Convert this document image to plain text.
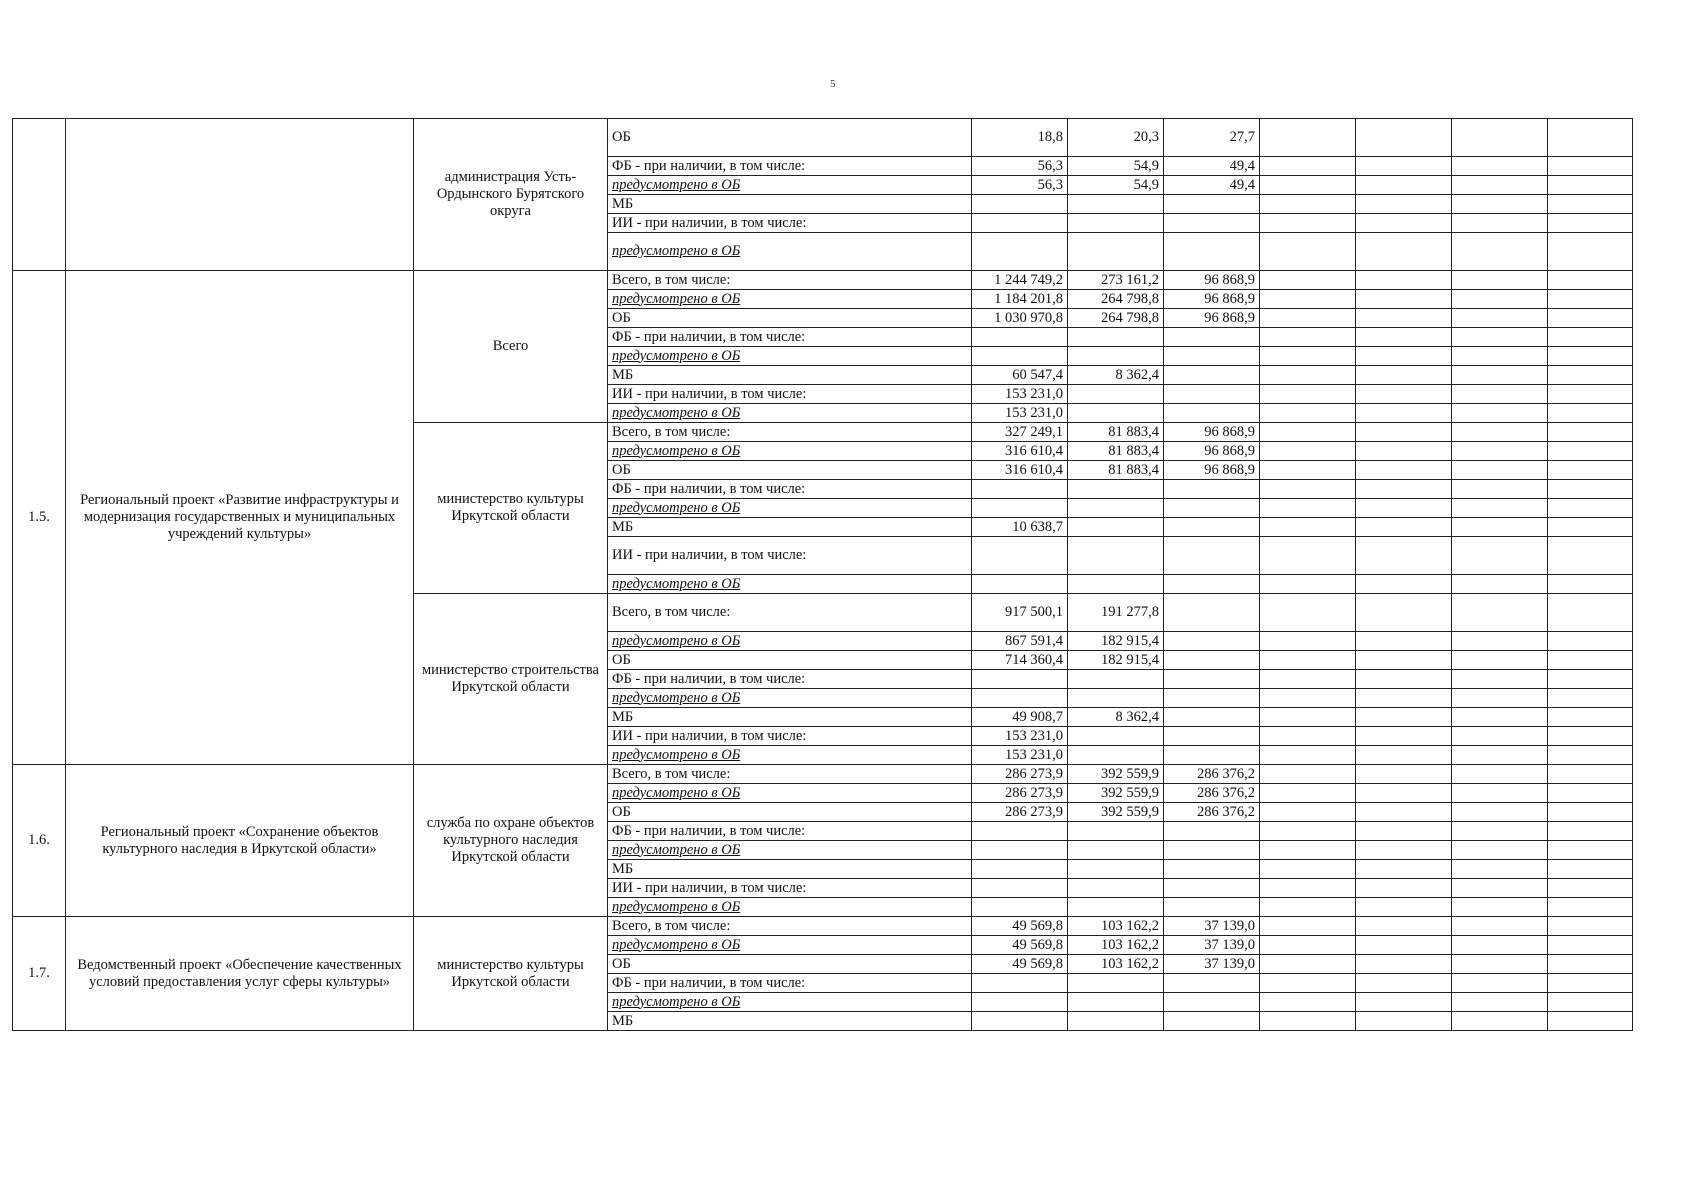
5
		администрация Усть-Ордынского Бурятского округа	ОБ	18,8	20,3	27,7				
			ФБ - при наличии, в том числе:	56,3	54,9	49,4				
			предусмотрено в ОБ	56,3	54,9	49,4				
			МБ							
			ИИ - при наличии, в том числе:							
			предусмотрено в ОБ							
1.5.	Региональный проект «Развитие инфраструктуры и модернизация государственных и муниципальных учреждений культуры»	Всего	Всего, в том числе:	1 244 749,2	273 161,2	96 868,9				
			предусмотрено в ОБ	1 184 201,8	264 798,8	96 868,9				
			ОБ	1 030 970,8	264 798,8	96 868,9				
			ФБ - при наличии, в том числе:							
			предусмотрено в ОБ							
			МБ	60 547,4	8 362,4					
			ИИ - при наличии, в том числе:	153 231,0						
			предусмотрено в ОБ	153 231,0						
		министерство культуры Иркутской области	Всего, в том числе:	327 249,1	81 883,4	96 868,9				
			предусмотрено в ОБ	316 610,4	81 883,4	96 868,9				
			ОБ	316 610,4	81 883,4	96 868,9				
			ФБ - при наличии, в том числе:							
			предусмотрено в ОБ							
			МБ	10 638,7						
			ИИ - при наличии, в том числе:							
			предусмотрено в ОБ							
		министерство строительства Иркутской области	Всего, в том числе:	917 500,1	191 277,8					
			предусмотрено в ОБ	867 591,4	182 915,4					
			ОБ	714 360,4	182 915,4					
			ФБ - при наличии, в том числе:							
			предусмотрено в ОБ							
			МБ	49 908,7	8 362,4					
			ИИ - при наличии, в том числе:	153 231,0						
			предусмотрено в ОБ	153 231,0						
1.6.	Региональный проект «Сохранение объектов культурного наследия в Иркутской области»	служба по охране объектов культурного наследия Иркутской области	Всего, в том числе:	286 273,9	392 559,9	286 376,2				
			предусмотрено в ОБ	286 273,9	392 559,9	286 376,2				
			ОБ	286 273,9	392 559,9	286 376,2				
			ФБ - при наличии, в том числе:							
			предусмотрено в ОБ							
			МБ							
			ИИ - при наличии, в том числе:							
			предусмотрено в ОБ							
1.7.	Ведомственный проект «Обеспечение качественных условий предоставления услуг сферы культуры»	министерство культуры Иркутской области	Всего, в том числе:	49 569,8	103 162,2	37 139,0				
			предусмотрено в ОБ	49 569,8	103 162,2	37 139,0				
			ОБ	49 569,8	103 162,2	37 139,0				
			ФБ - при наличии, в том числе:							
			предусмотрено в ОБ							
			МБ							
